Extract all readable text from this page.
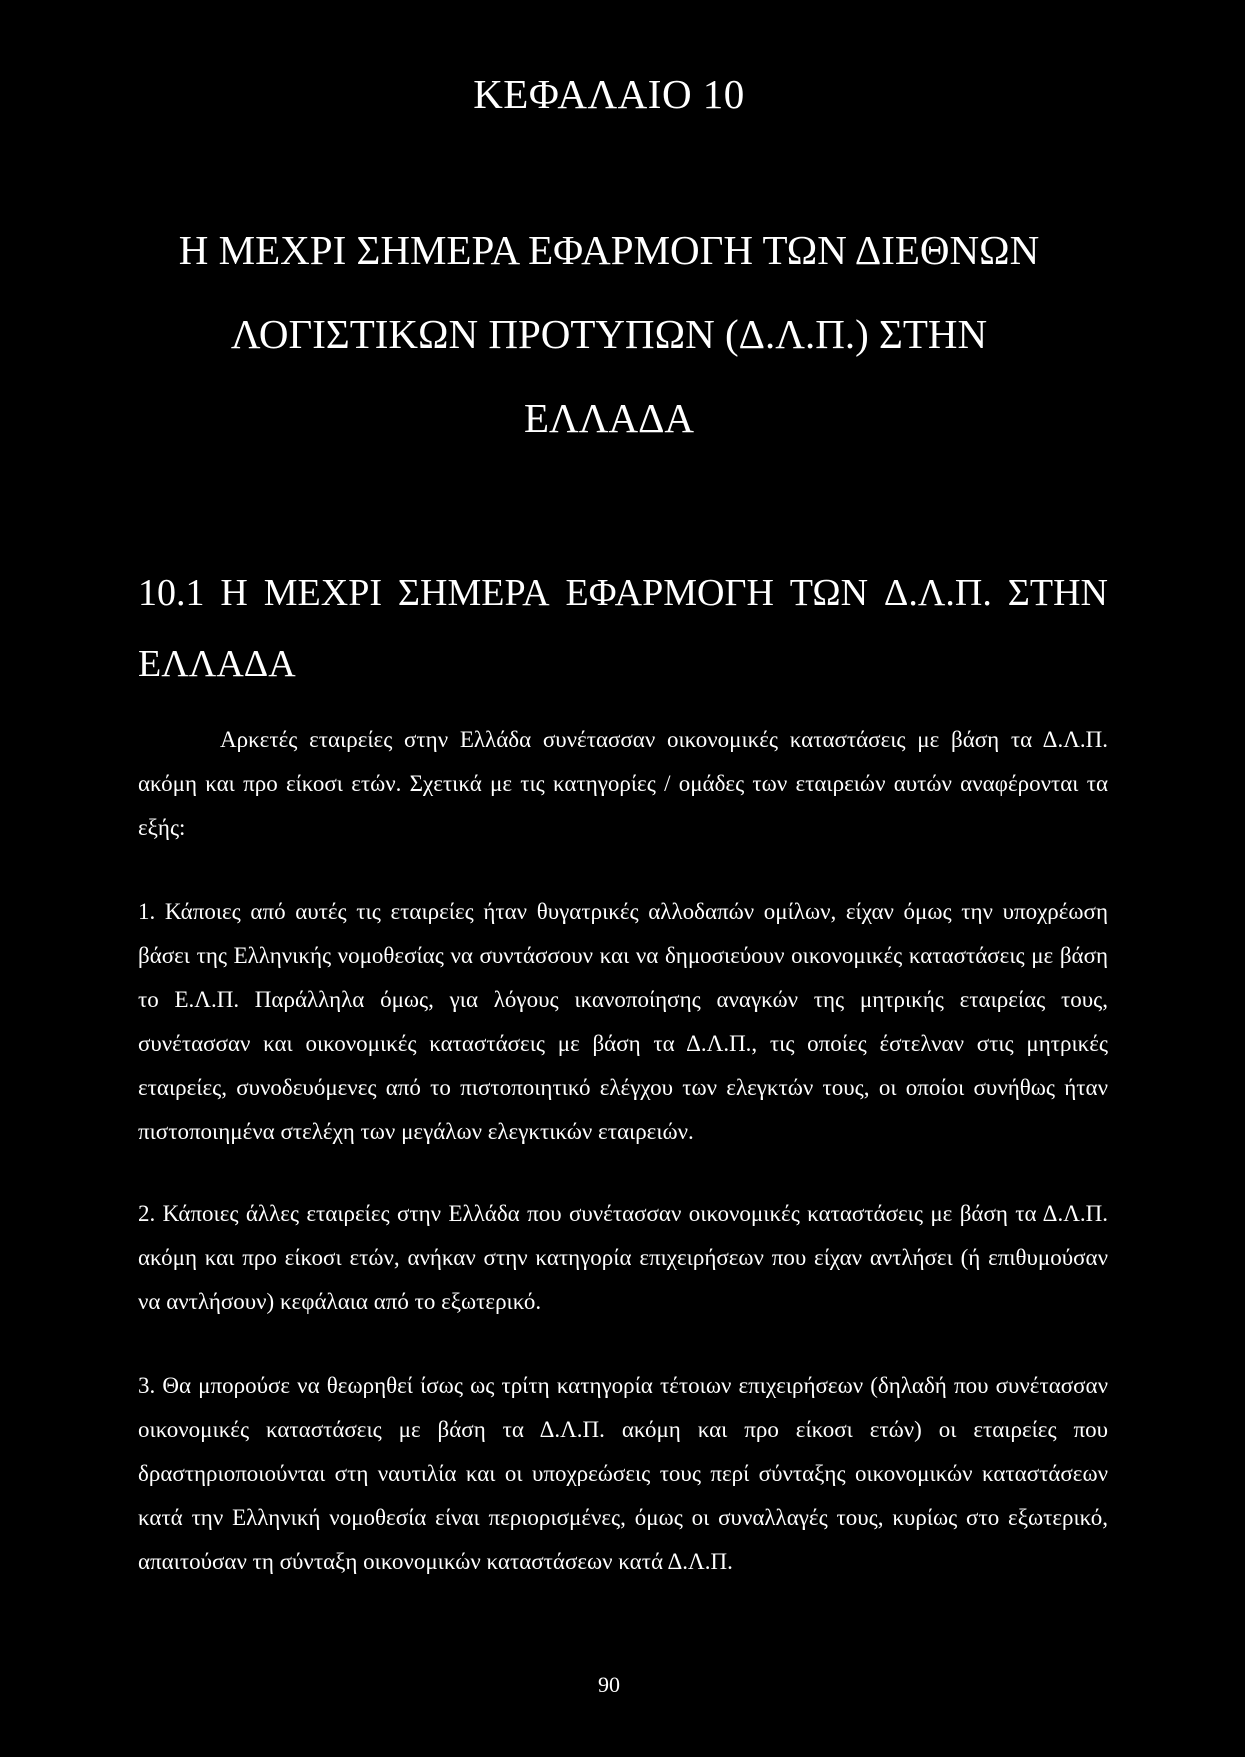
ΚΕΦΑΛΑΙΟ 10
Η ΜΕΧΡΙ ΣΗΜΕΡΑ ΕΦΑΡΜΟΓΗ ΤΩΝ ΔΙΕΘΝΩΝ
ΛΟΓΙΣΤΙΚΩΝ ΠΡΟΤΥΠΩΝ (Δ.Λ.Π.) ΣΤΗΝ
ΕΛΛΑΔΑ
10.1 Η ΜΕΧΡΙ ΣΗΜΕΡΑ ΕΦΑΡΜΟΓΗ ΤΩΝ Δ.Λ.Π. ΣΤΗΝ
ΕΛΛΑΔΑ

Αρκετές εταιρείες στην Ελλάδα συνέτασσαν οικονομικές καταστάσεις με βάση τα Δ.Λ.Π. ακόμη και προ είκοσι ετών. Σχετικά με τις κατηγορίες / ομάδες των εταιρειών αυτών αναφέρονται τα εξής:

1. Κάποιες από αυτές τις εταιρείες ήταν θυγατρικές αλλοδαπών ομίλων, είχαν όμως την υποχρέωση βάσει της Ελληνικής νομοθεσίας να συντάσσουν και να δημοσιεύουν οικονομικές καταστάσεις με βάση το Ε.Λ.Π. Παράλληλα όμως, για λόγους ικανοποίησης αναγκών της μητρικής εταιρείας τους, συνέτασσαν και οικονομικές καταστάσεις με βάση τα Δ.Λ.Π., τις οποίες έστελναν στις μητρικές εταιρείες, συνοδευόμενες από το πιστοποιητικό ελέγχου των ελεγκτών τους, οι οποίοι συνήθως ήταν πιστοποιημένα στελέχη των μεγάλων ελεγκτικών εταιρειών.

2. Κάποιες άλλες εταιρείες στην Ελλάδα που συνέτασσαν οικονομικές καταστάσεις με βάση τα Δ.Λ.Π. ακόμη και προ είκοσι ετών, ανήκαν στην κατηγορία επιχειρήσεων που είχαν αντλήσει (ή επιθυμούσαν να αντλήσουν) κεφάλαια από το εξωτερικό.

3. Θα μπορούσε να θεωρηθεί ίσως ως τρίτη κατηγορία τέτοιων επιχειρήσεων (δηλαδή που συνέτασσαν οικονομικές καταστάσεις με βάση τα Δ.Λ.Π. ακόμη και προ είκοσι ετών) οι εταιρείες που δραστηριοποιούνται στη ναυτιλία και οι υποχρεώσεις τους περί σύνταξης οικονομικών καταστάσεων κατά την Ελληνική νομοθεσία είναι περιορισμένες, όμως οι συναλλαγές τους, κυρίως στο εξωτερικό, απαιτούσαν τη σύνταξη οικονομικών καταστάσεων κατά Δ.Λ.Π.

90
